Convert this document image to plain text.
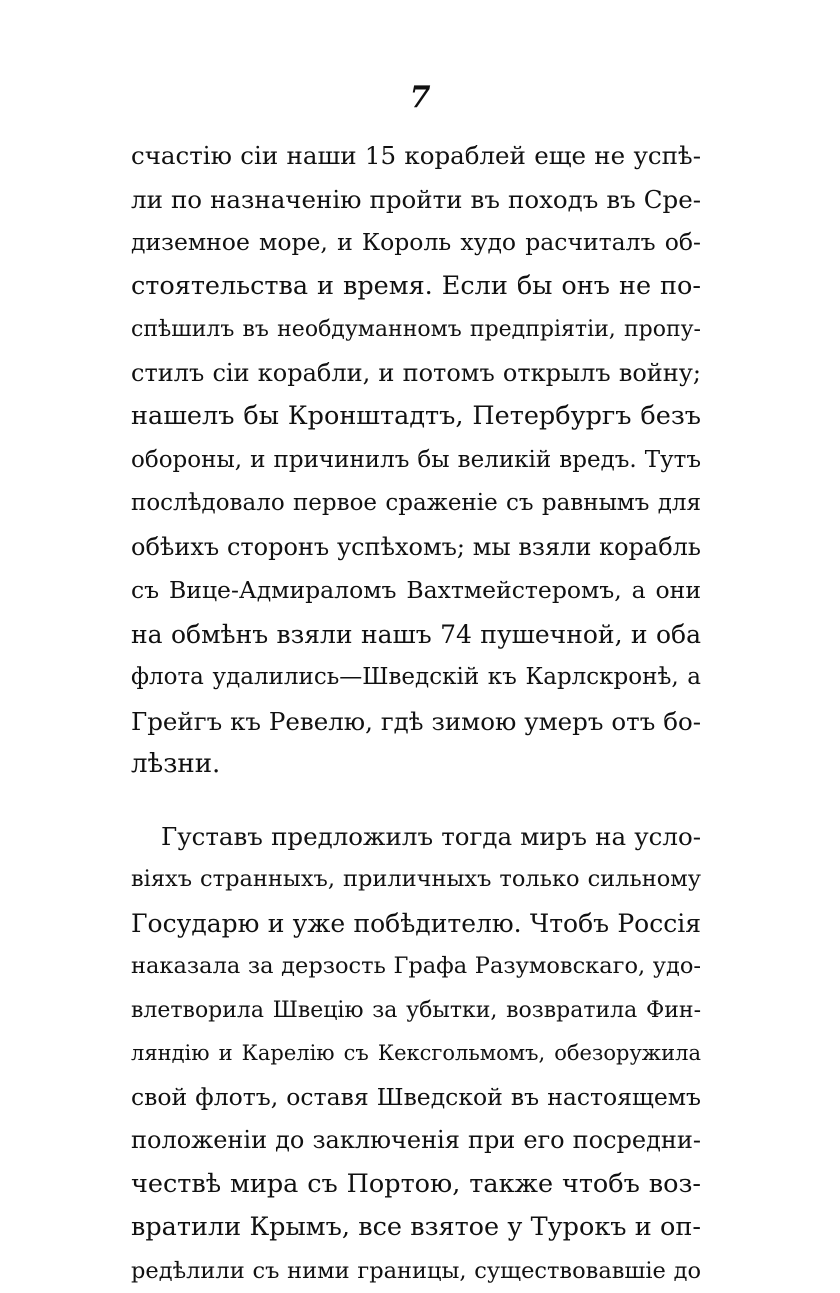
7
счастію сіи наши 15 кораблей еще не успѣ-
ли по назначенію пройти въ походъ въ Сре-
диземное море, и Король худо расчиталъ об-
стоятельства и время. Если бы онъ не по-
спѣшилъ въ необдуманномъ предпріятіи, пропу-
стилъ сіи корабли, и потомъ открылъ войну;
нашелъ бы Кронштадтъ, Петербургъ безъ
обороны, и причинилъ бы великій вредъ. Тутъ
послѣдовало первое сраженіе съ равнымъ для
обѣихъ сторонъ успѣхомъ; мы взяли корабль
съ Вице-Адмираломъ Вахтмейстеромъ, а они
на обмѣнъ взяли нашъ 74 пушечной, и оба
флота удалились—Шведскій къ Карлскронѣ, а
Грейгъ къ Ревелю, гдѣ зимою умеръ отъ бо-
лѣзни.
Густавъ предложилъ тогда миръ на усло-
віяхъ странныхъ, приличныхъ только сильному
Государю и уже побѣдителю. Чтобъ Россія
наказала за дерзость Графа Разумовскаго, удо-
влетворила Швецію за убытки, возвратила Фин-
ляндію и Карелію съ Кексгольмомъ, обезоружила
свой флотъ, оставя Шведской въ настоящемъ
положеніи до заключенія при его посредни-
чествѣ мира съ Портою, также чтобъ воз-
вратили Крымъ, все взятое у Турокъ и оп-
редѣлили съ ними границы, существовавшіе до
